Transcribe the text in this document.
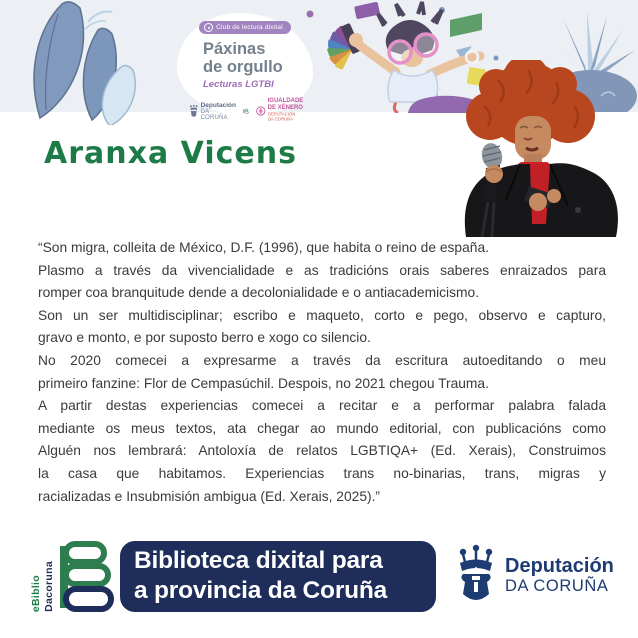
Club de lectura dixital
Páxinas
de orgullo
Lecturas LGTBI
Deputación
DA CORUÑA
IGUALDADE
DE XÉNERO
DEPUTACIÓN DA CORUÑA
Aranxa Vicens
“Son migra, colleita de México, D.F. (1996), que habita o reino de españa.
Plasmo a través da vivencialidade e as tradicións orais saberes enraizados para
romper coa branquitude dende a decolonialidade e o antiacademicismo.
Son un ser multidisciplinar; escribo e maqueto, corto e pego, observo e capturo,
gravo e monto, e por suposto berro e xogo co silencio.
No 2020 comecei a expresarme a través da escritura autoeditando o meu
primeiro fanzine: Flor de Cempasúchil. Despois, no 2021 chegou Trauma.
A partir destas experiencias comecei a recitar e a performar palabra falada
mediante os meus textos, ata chegar ao mundo editorial, con publicacións como
Alguén nos lembrará: Antoloxía de relatos LGBTIQA+ (Ed. Xerais), Construimos
la casa que habitamos. Experiencias trans no-binarias, trans, migras y
racializadas e Insubmisión ambigua (Ed. Xerais, 2025).”
eBiblio Dacoruna
Biblioteca dixital para
a provincia da Coruña
Deputación
DA CORUÑA
